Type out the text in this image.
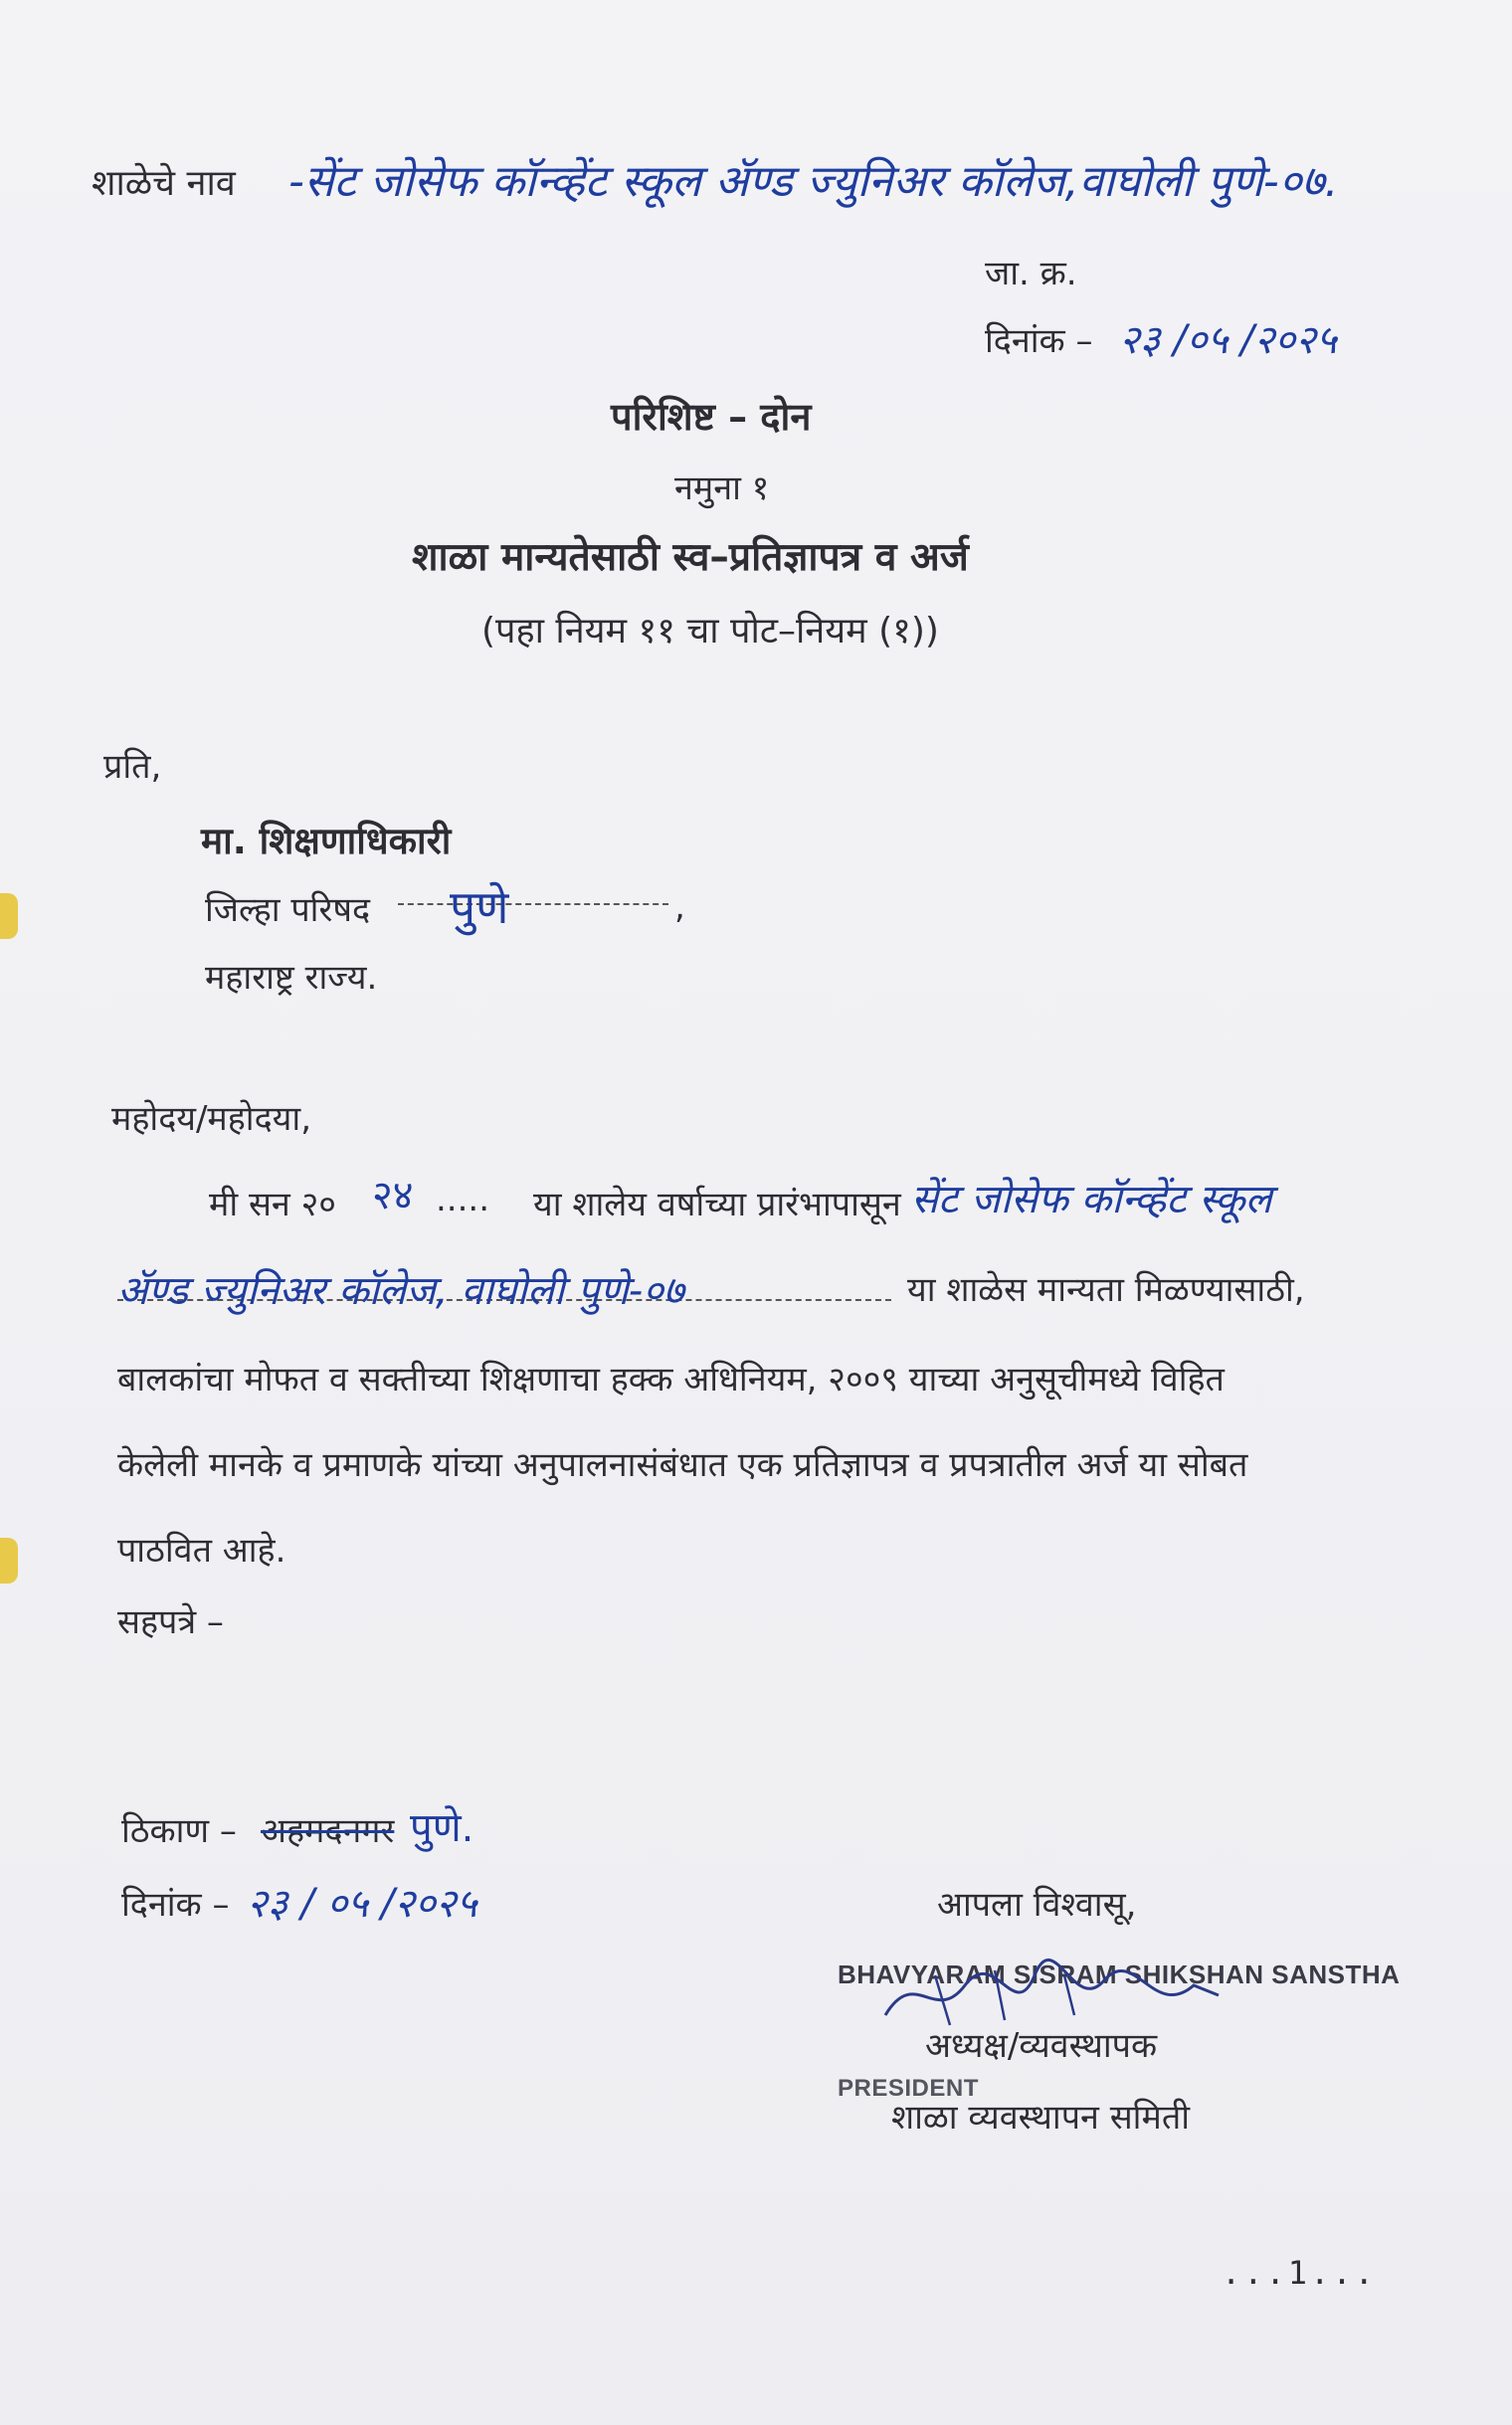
शाळेचे नाव -सेंट जोसेफ कॉन्व्हेंट स्कूल ॲण्ड ज्युनिअर कॉलेज,वाघोली पुणे-०७.
जा. क्र.
दिनांक – २३ /०५ /२०२५
परिशिष्ट – दोन
नमुना १
शाळा मान्यतेसाठी स्व–प्रतिज्ञापत्र व अर्ज
(पहा नियम ११ चा पोट–नियम (१))
प्रति,
मा. शिक्षणाधिकारी
जिल्हा परिषद पुणे	,
महाराष्ट्र राज्य.
महोदय/महोदया,
मी सन २० २४ ..... या शालेय वर्षाच्या प्रारंभापासून सेंट जोसेफ कॉन्व्हेंट स्कूल
ॲण्ड ज्युनिअर कॉलेज, वाघोली पुणे-०७	या शाळेस मान्यता मिळण्यासाठी,
बालकांचा मोफत व सक्तीच्या शिक्षणाचा हक्क अधिनियम, २००९ याच्या अनुसूचीमध्ये विहित
केलेली मानके व प्रमाणके यांच्या अनुपालनासंबंधात एक प्रतिज्ञापत्र व प्रपत्रातील अर्ज या सोबत
पाठवित आहे.
सहपत्रे –
ठिकाण – अहमदनगर पुणे.
दिनांक – २३ / ०५ /२०२५	आपला विश्वासू,
BHAVYARAM SISRAM SHIKSHAN SANSTHA
अध्यक्ष/व्यवस्थापक
PRESIDENT
शाळा व्यवस्थापन समिती
...1...
